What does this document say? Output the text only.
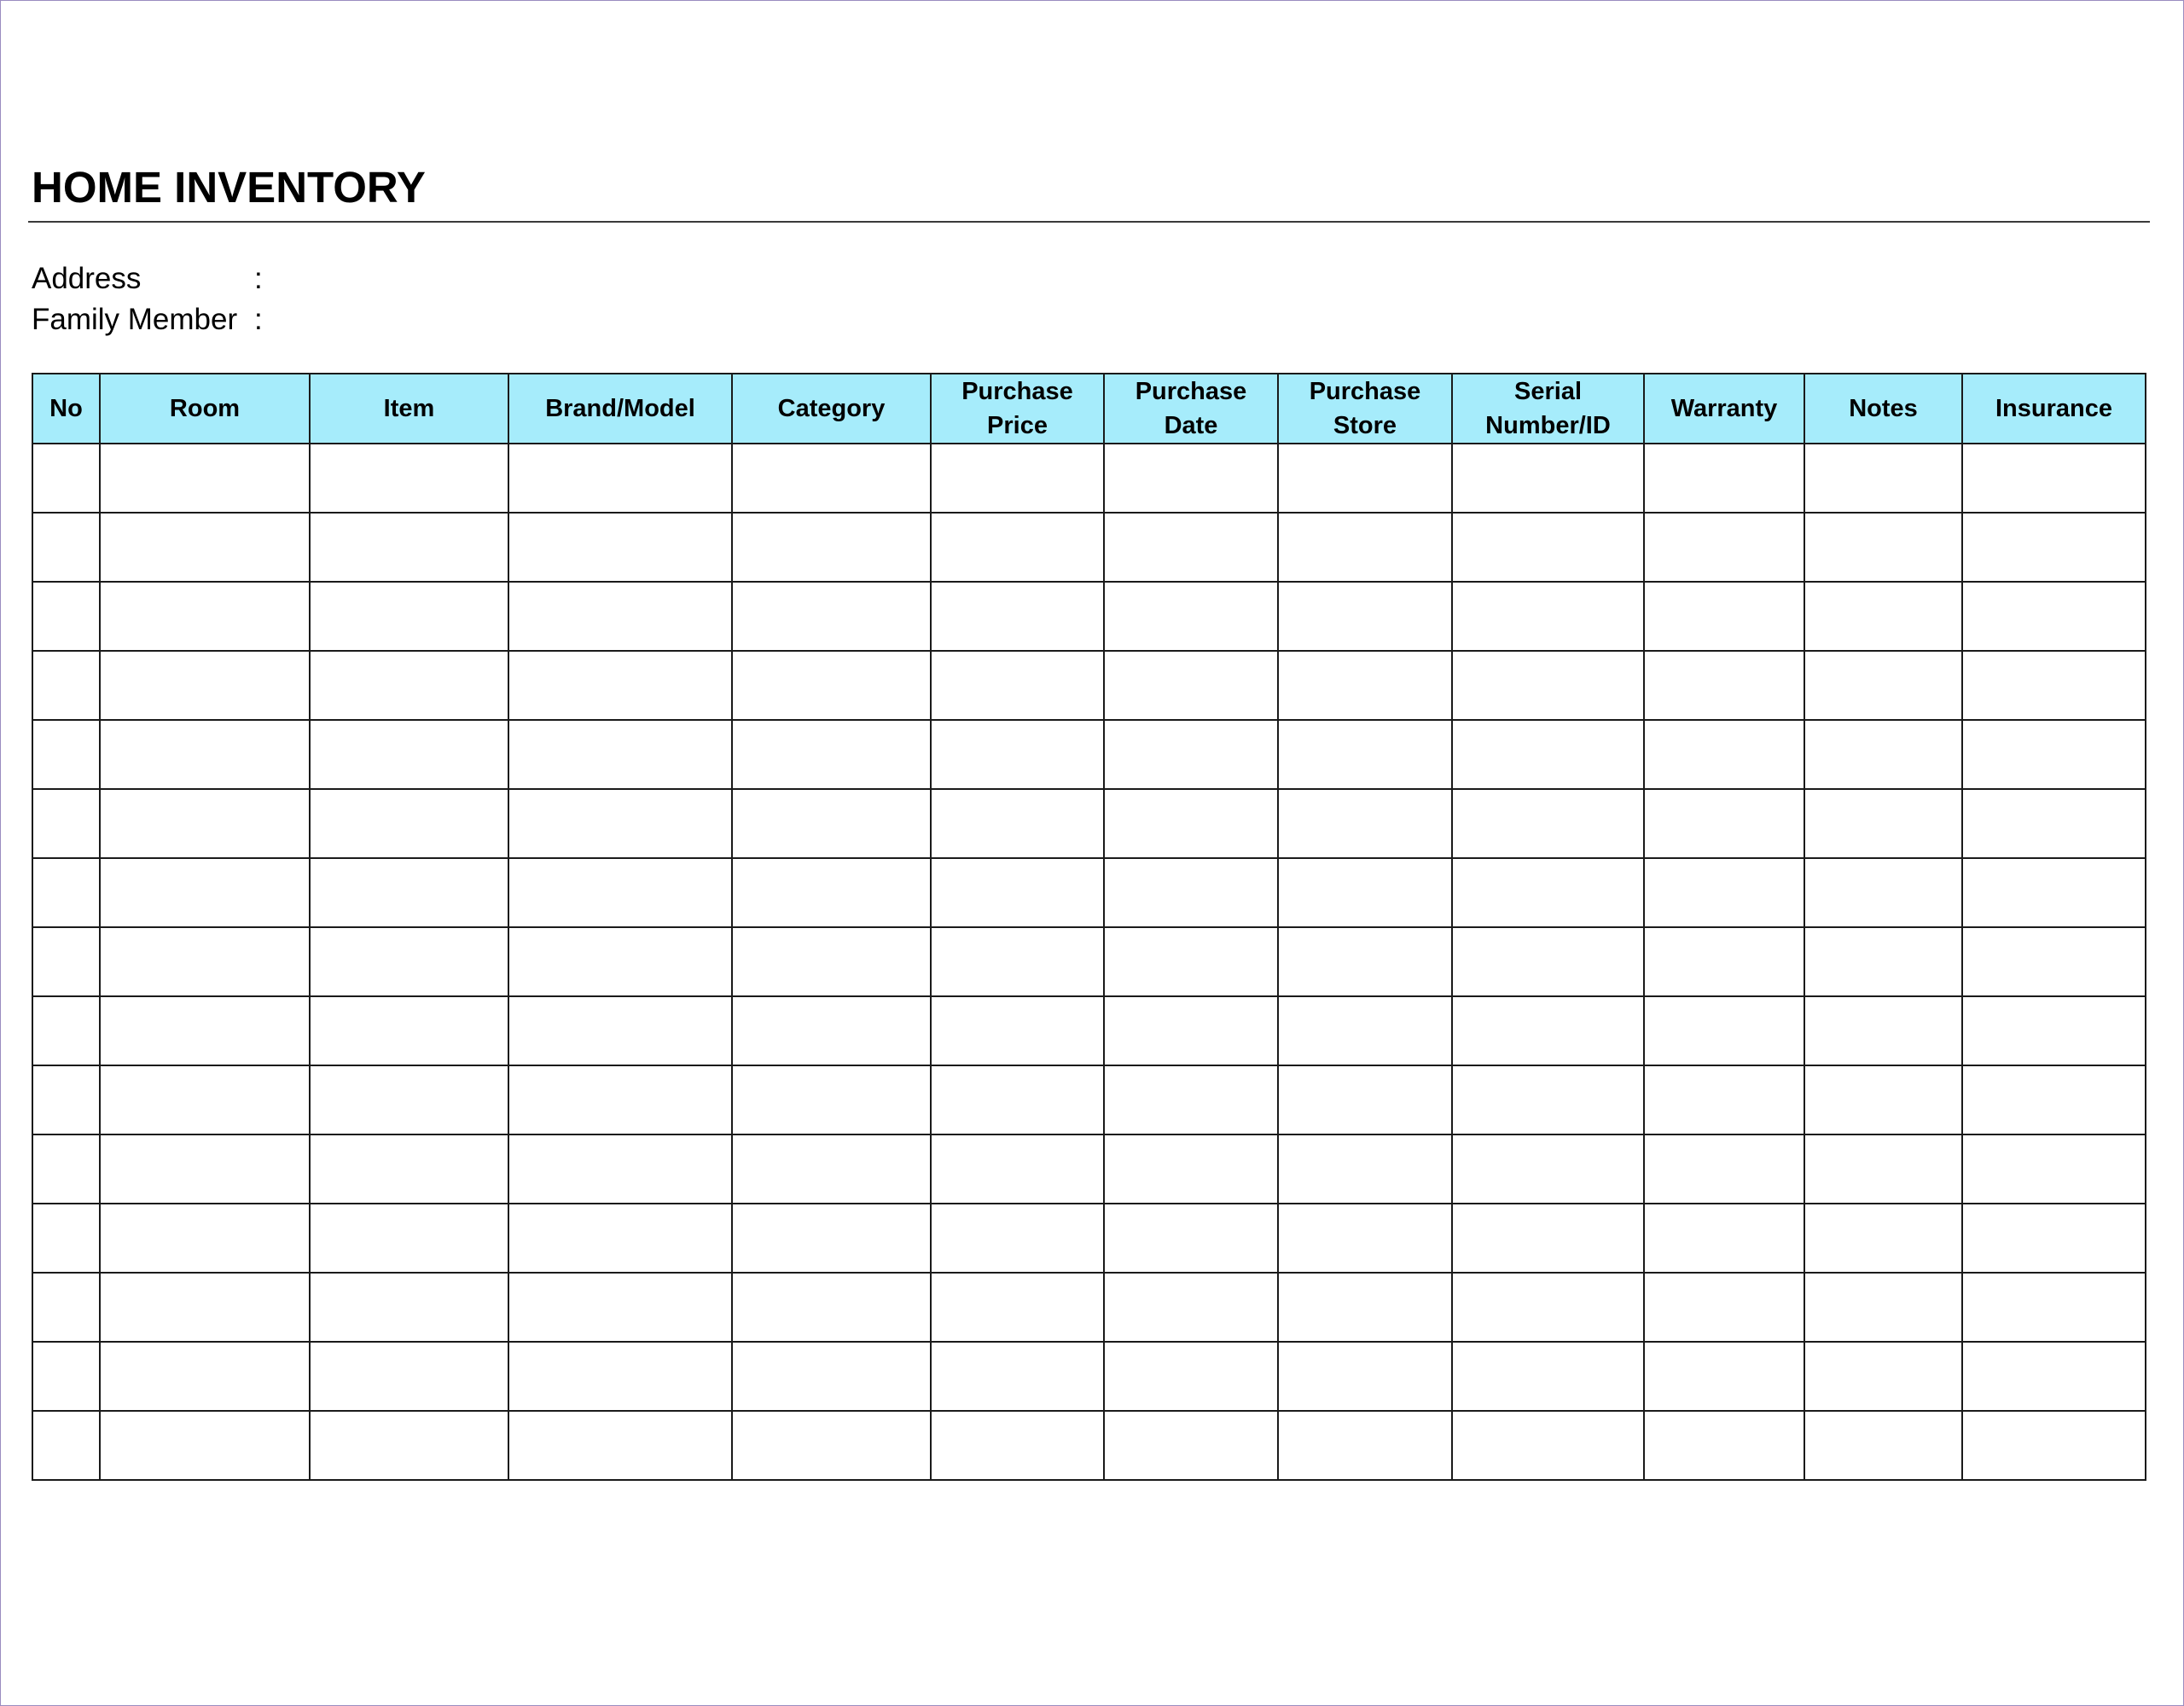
HOME INVENTORY
Address	:
Family Member :
No	Room	Item	Brand/Model	Category	Purchase Price	Purchase Date	Purchase Store	Serial Number/ID	Warranty	Notes	Insurance
